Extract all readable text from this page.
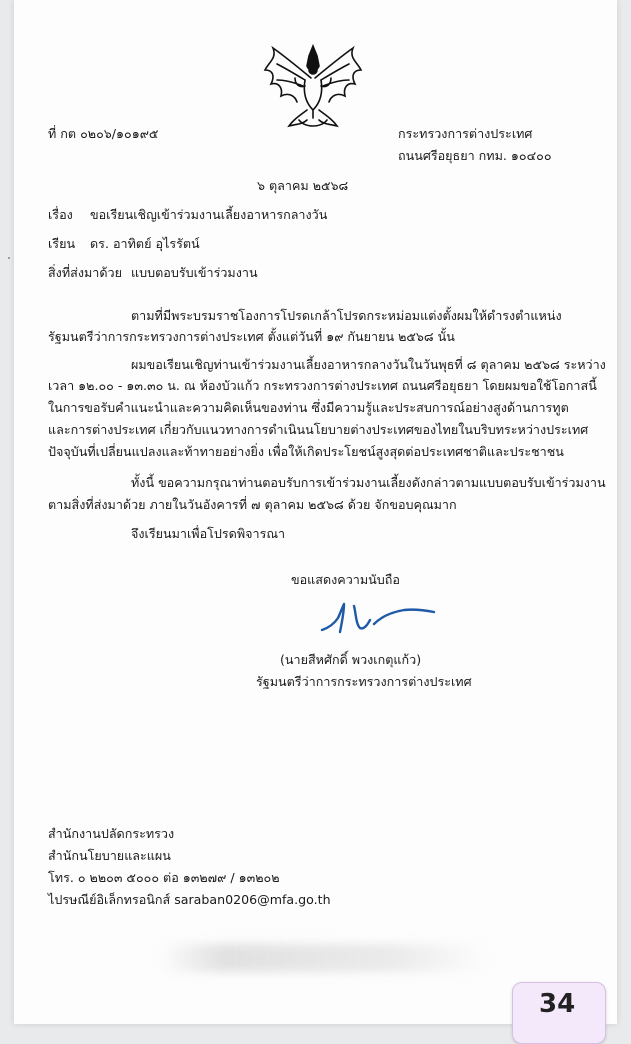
ที่ กต ๐๒๐๖/๑๐๑๙๕	กระทรวงการต่างประเทศ
ถนนศรีอยุธยา กทม. ๑๐๔๐๐
๖ ตุลาคม ๒๕๖๘
เรื่อง ขอเรียนเชิญเข้าร่วมงานเลี้ยงอาหารกลางวัน
เรียน ดร. อาทิตย์ อุไรรัตน์
สิ่งที่ส่งมาด้วย แบบตอบรับเข้าร่วมงาน
ตามที่มีพระบรมราชโองการโปรดเกล้าโปรดกระหม่อมแต่งตั้งผมให้ดำรงตำแหน่ง
รัฐมนตรีว่าการกระทรวงการต่างประเทศ ตั้งแต่วันที่ ๑๙ กันยายน ๒๕๖๘ นั้น
ผมขอเรียนเชิญท่านเข้าร่วมงานเลี้ยงอาหารกลางวันในวันพุธที่ ๘ ตุลาคม ๒๕๖๘ ระหว่าง
เวลา ๑๒.๐๐ - ๑๓.๓๐ น. ณ ห้องบัวแก้ว กระทรวงการต่างประเทศ ถนนศรีอยุธยา โดยผมขอใช้โอกาสนี้
ในการขอรับคำแนะนำและความคิดเห็นของท่าน ซึ่งมีความรู้และประสบการณ์อย่างสูงด้านการทูต
และการต่างประเทศ เกี่ยวกับแนวทางการดำเนินนโยบายต่างประเทศของไทยในบริบทระหว่างประเทศ
ปัจจุบันที่เปลี่ยนแปลงและท้าทายอย่างยิ่ง เพื่อให้เกิดประโยชน์สูงสุดต่อประเทศชาติและประชาชน
ทั้งนี้ ขอความกรุณาท่านตอบรับการเข้าร่วมงานเลี้ยงดังกล่าวตามแบบตอบรับเข้าร่วมงาน
ตามสิ่งที่ส่งมาด้วย ภายในวันอังคารที่ ๗ ตุลาคม ๒๕๖๘ ด้วย จักขอบคุณมาก
จึงเรียนมาเพื่อโปรดพิจารณา
ขอแสดงความนับถือ
(นายสีหศักดิ์ พวงเกตุแก้ว)
รัฐมนตรีว่าการกระทรวงการต่างประเทศ
สำนักงานปลัดกระทรวง
สำนักนโยบายและแผน
โทร. ๐ ๒๒๐๓ ๕๐๐๐ ต่อ ๑๓๒๗๙ / ๑๓๒๐๒
ไปรษณีย์อิเล็กทรอนิกส์ saraban0206@mfa.go.th
34
